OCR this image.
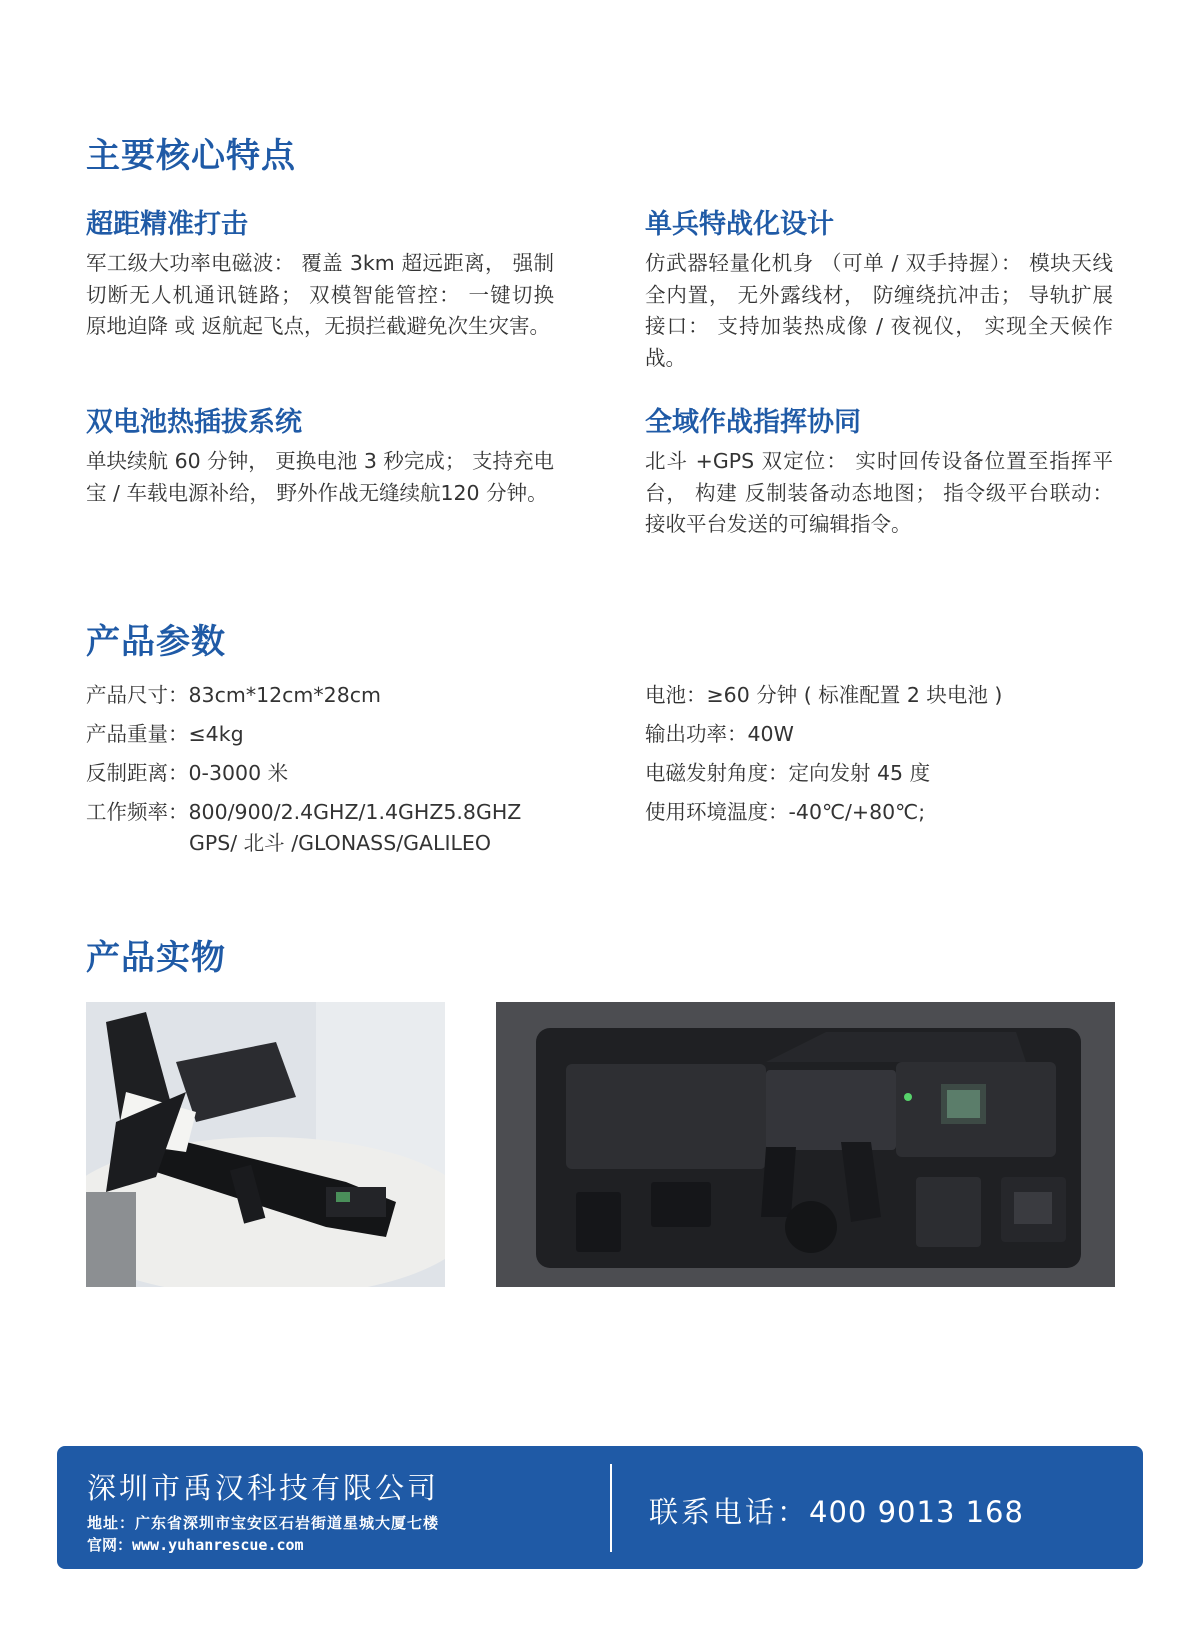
主要核心特点
超距精准打击

军工级大功率电磁波： 覆盖 3km 超远距离， 强制切断无人机通讯链路； 双模智能管控： 一键切换 原地迫降 或 返航起飞点，无损拦截避免次生灾害。

单兵特战化设计

仿武器轻量化机身 （可单 / 双手持握）： 模块天线全内置， 无外露线材， 防缠绕抗冲击； 导轨扩展接口： 支持加装热成像 / 夜视仪， 实现全天候作战。

双电池热插拔系统

单块续航 60 分钟， 更换电池 3 秒完成； 支持充电宝 / 车载电源补给， 野外作战无缝续航120 分钟。

全域作战指挥协同

北斗 +GPS 双定位： 实时回传设备位置至指挥平台， 构建 反制装备动态地图； 指令级平台联动： 接收平台发送的可编辑指令。

产品参数
产品尺寸：83cm*12cm*28cm
产品重量：≤4kg
反制距离：0-3000 米
工作频率：800/900/2.4GHZ/1.4GHZ5.8GHZ
GPS/ 北斗 /GLONASS/GALILEO
电池：≥60 分钟 ( 标准配置 2 块电池 )
输出功率：40W
电磁发射角度：定向发射 45 度
使用环境温度：-40℃/+80℃;
产品实物
深圳市禹汉科技有限公司
地址：广东省深圳市宝安区石岩街道星城大厦七楼
官网：www.yuhanrescue.com
联系电话：400 9013 168
